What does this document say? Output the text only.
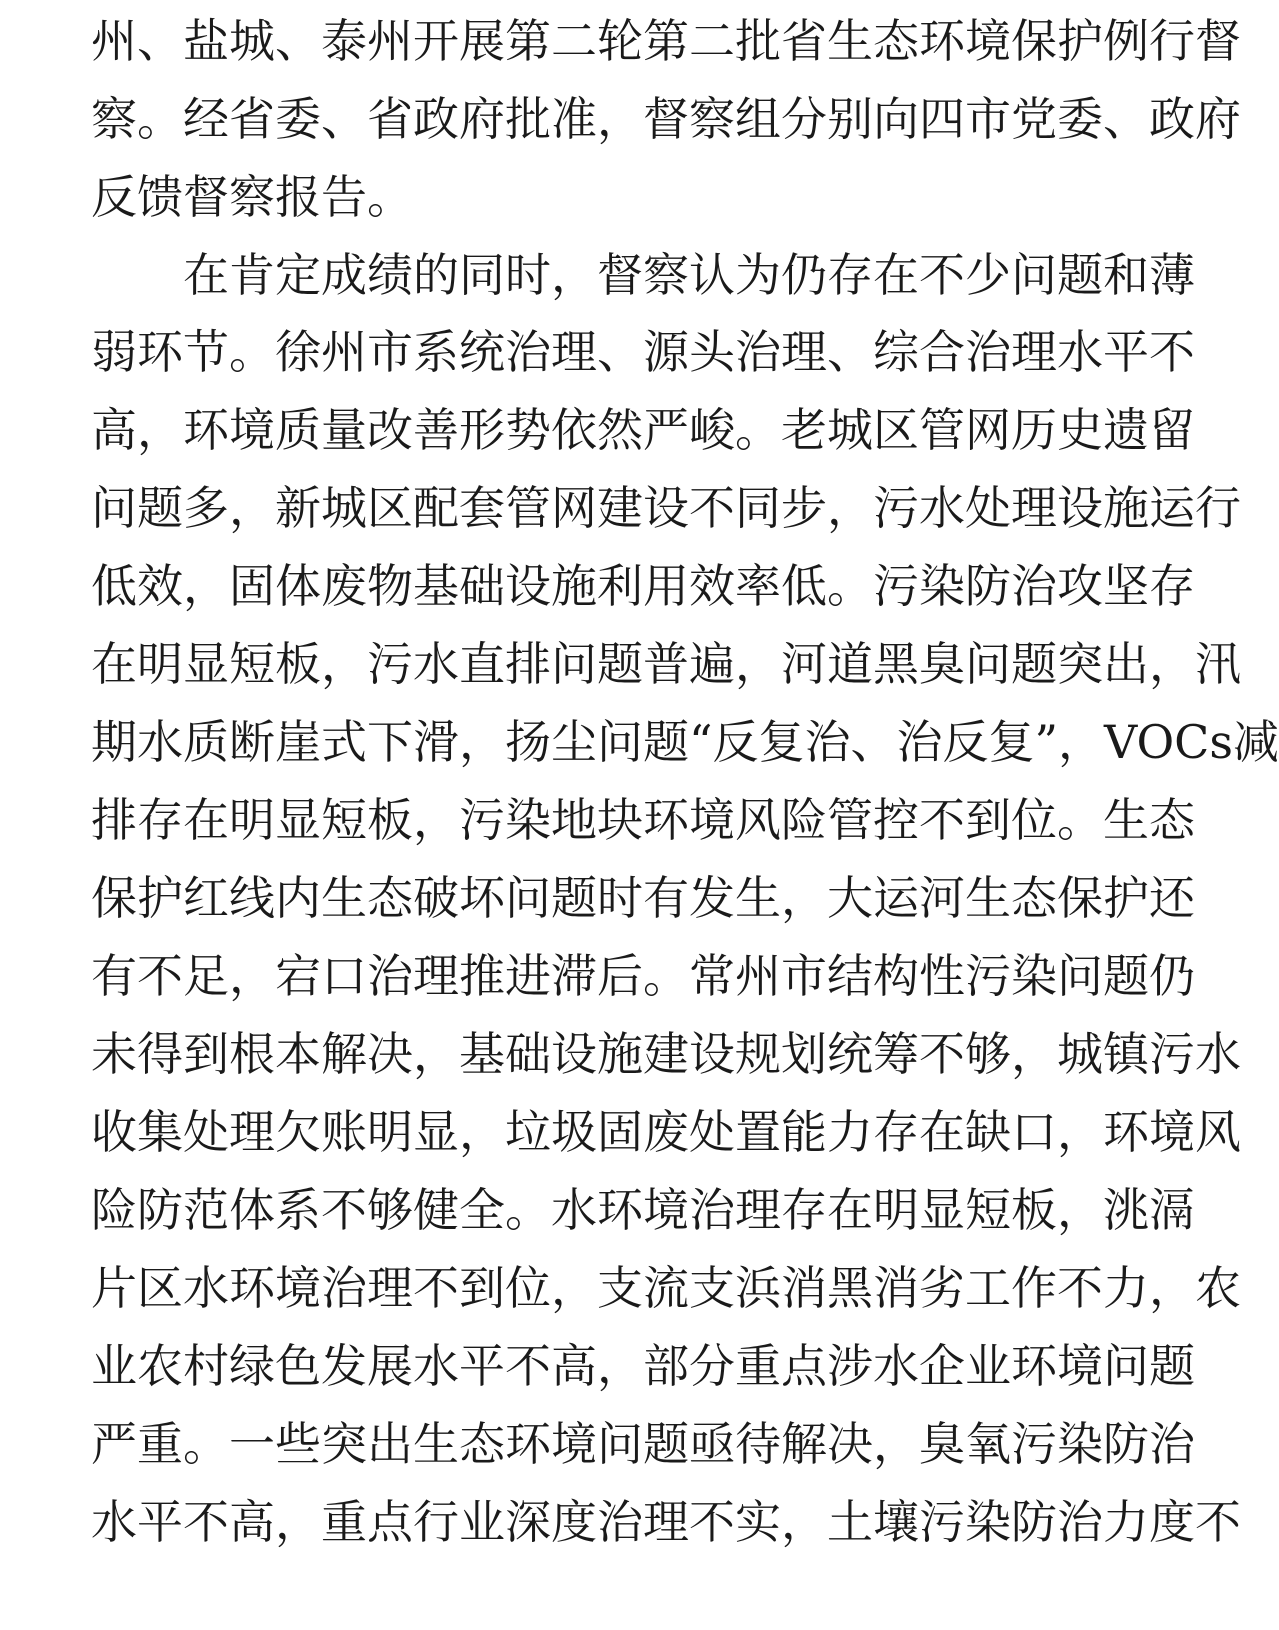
州、盐城、泰州开展第二轮第二批省生态环境保护例行督
察。经省委、省政府批准，督察组分别向四市党委、政府
反馈督察报告。
在肯定成绩的同时，督察认为仍存在不少问题和薄
弱环节。徐州市系统治理、源头治理、综合治理水平不
高，环境质量改善形势依然严峻。老城区管网历史遗留
问题多，新城区配套管网建设不同步，污水处理设施运行
低效，固体废物基础设施利用效率低。污染防治攻坚存
在明显短板，污水直排问题普遍，河道黑臭问题突出，汛
期水质断崖式下滑，扬尘问题“反复治、治反复”，VOCs减
排存在明显短板，污染地块环境风险管控不到位。生态
保护红线内生态破坏问题时有发生，大运河生态保护还
有不足，宕口治理推进滞后。常州市结构性污染问题仍
未得到根本解决，基础设施建设规划统筹不够，城镇污水
收集处理欠账明显，垃圾固废处置能力存在缺口，环境风
险防范体系不够健全。水环境治理存在明显短板，洮滆
片区水环境治理不到位，支流支浜消黑消劣工作不力，农
业农村绿色发展水平不高，部分重点涉水企业环境问题
严重。一些突出生态环境问题亟待解决，臭氧污染防治
水平不高，重点行业深度治理不实，土壤污染防治力度不
